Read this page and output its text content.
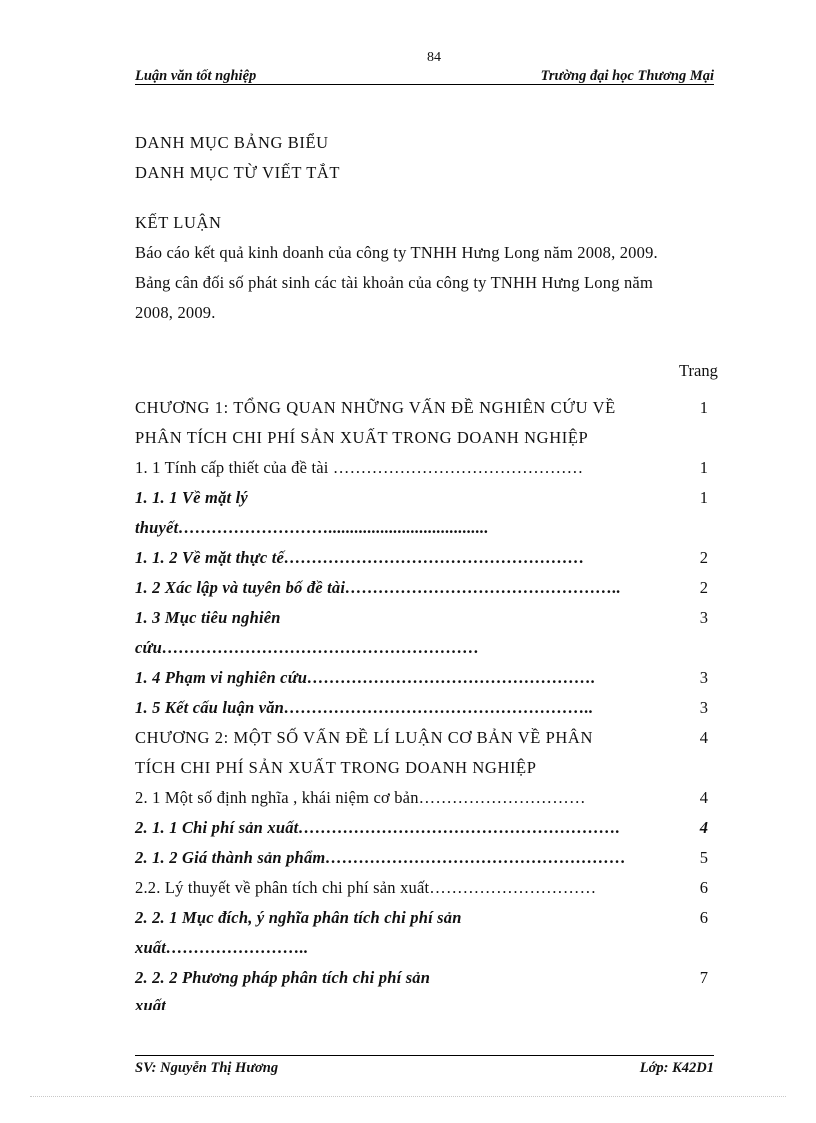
84
Luận văn tốt nghiệp	Trường đại học Thương Mại
DANH MỤC BẢNG BIỂU
DANH MỤC TỪ VIẾT TẮT
KẾT LUẬN
Báo cáo kết quả kinh doanh của công ty TNHH Hưng Long năm 2008, 2009.
Bảng cân đối số phát sinh các tài khoản của công ty TNHH Hưng Long năm
2008, 2009.
Trang
CHƯƠNG 1: TỔNG QUAN NHỮNG VẤN ĐỀ NGHIÊN CỨU VỀ	1
PHÂN TÍCH CHI PHÍ SẢN XUẤT TRONG DOANH NGHIỆP
1. 1 Tính cấp thiết của đề tài ………………………………………	1
1. 1. 1 Về mặt lý	1
thuyết……………………….....................................
1. 1. 2 Về mặt thực tế………………………………………………	2
1. 2 Xác lập và tuyên bố đề tài…………………………………………..	2
1. 3 Mục tiêu nghiên	3
cứu…………………………………………………
1. 4 Phạm vi nghiên cứu…………………………………………….	3
1. 5 Kết cấu luận văn………………………………………………..	3
CHƯƠNG 2: MỘT SỐ VẤN ĐỀ LÍ LUẬN CƠ BẢN VỀ PHÂN	4
TÍCH CHI PHÍ SẢN XUẤT TRONG DOANH NGHIỆP
2. 1 Một số định nghĩa , khái niệm cơ bản…………………………	4
2. 1. 1 Chi phí sản xuất………………………………………………….	4
2. 1. 2 Giá thành sản phẩm………………………………………………	5
2.2. Lý thuyết về phân tích chi phí sản xuất…………………………	6
2. 2. 1 Mục đích, ý nghĩa phân tích chi phí sản	6
xuất……………………..
2. 2. 2 Phương pháp phân tích chi phí sản	7
xuất
SV: Nguyễn Thị Hương	Lớp: K42D1
